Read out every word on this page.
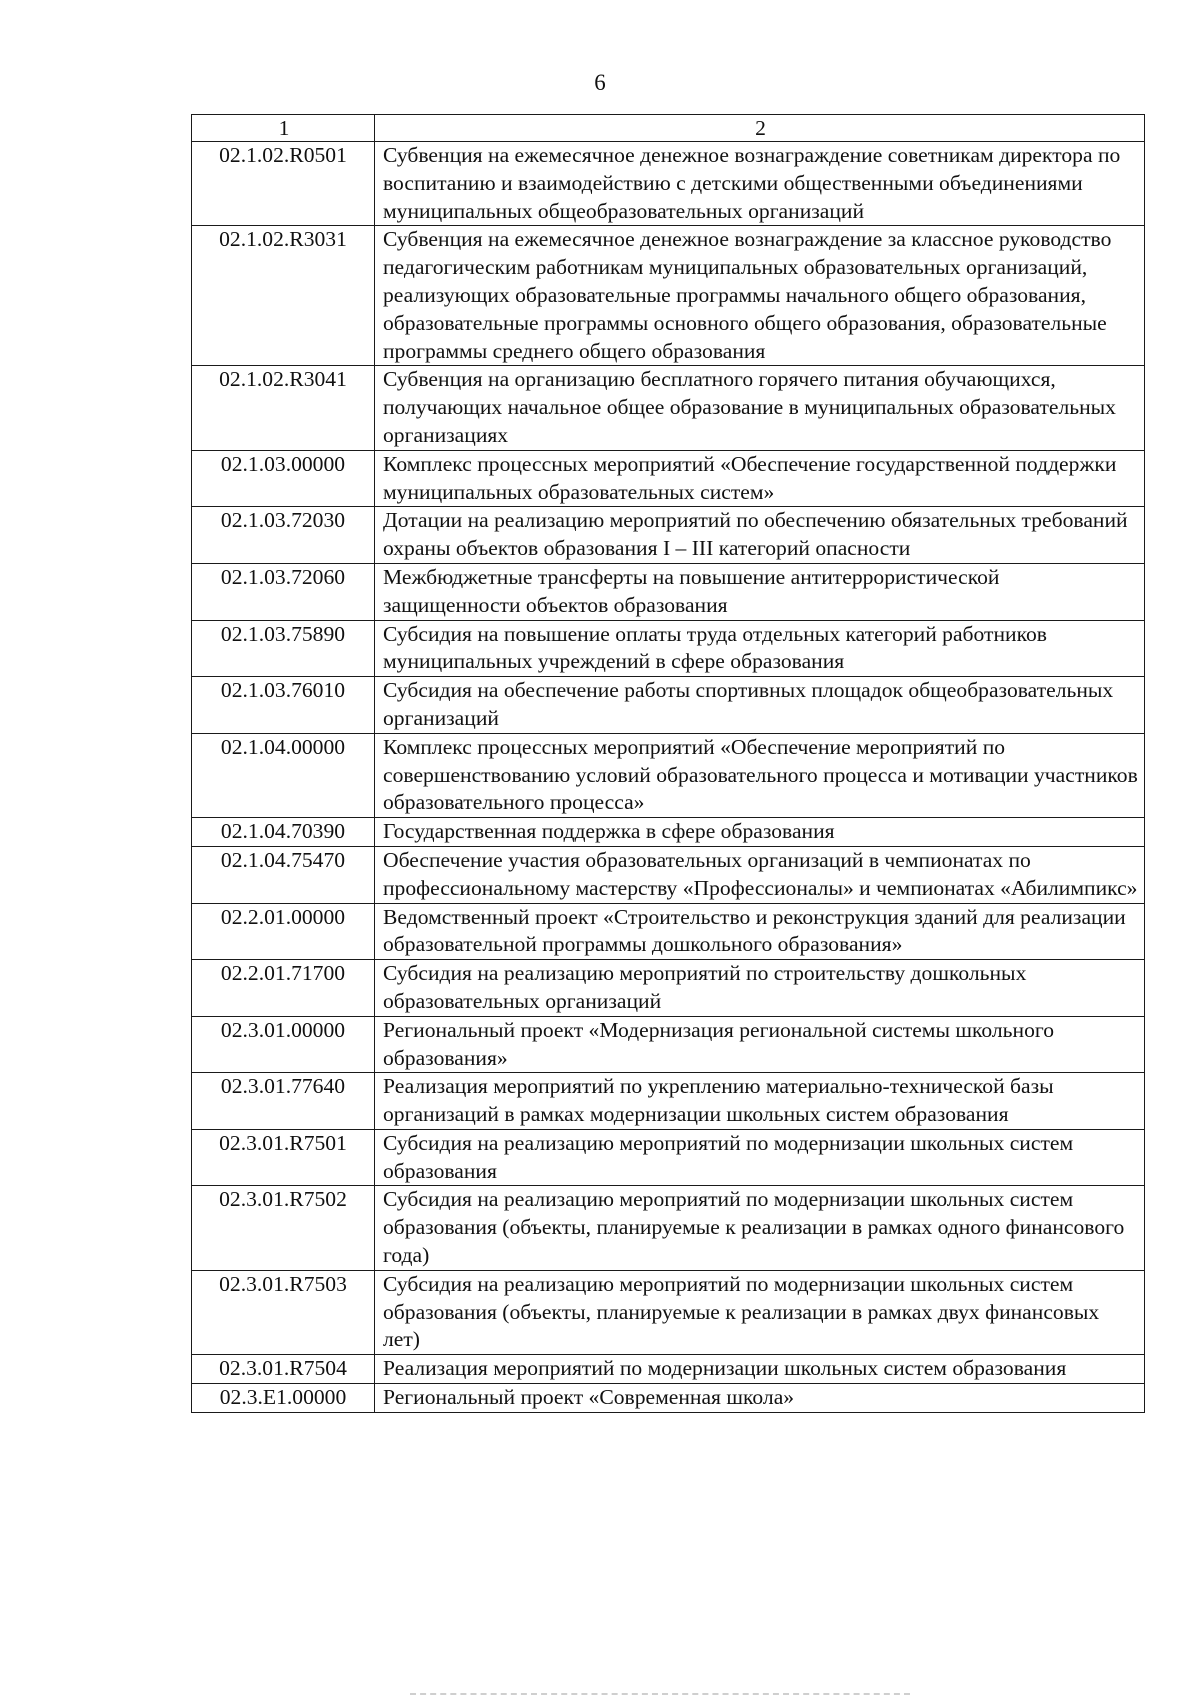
6
1	2
02.1.02.R0501	Субвенция на ежемесячное денежное вознаграждение советникам директора по воспитанию и взаимодействию с детскими общественными объединениями муниципальных общеобразовательных организаций
02.1.02.R3031	Субвенция на ежемесячное денежное вознаграждение за классное руководство педагогическим работникам муниципальных образовательных организаций, реализующих образовательные программы начального общего образования, образовательные программы основного общего образования, образовательные программы среднего общего образования
02.1.02.R3041	Субвенция на организацию бесплатного горячего питания обучающихся, получающих начальное общее образование в муниципальных образовательных организациях
02.1.03.00000	Комплекс процессных мероприятий «Обеспечение государственной поддержки муниципальных образовательных систем»
02.1.03.72030	Дотации на реализацию мероприятий по обеспечению обязательных требований охраны объектов образования I – III категорий опасности
02.1.03.72060	Межбюджетные трансферты на повышение антитеррористической защищенности объектов образования
02.1.03.75890	Субсидия на повышение оплаты труда отдельных категорий работников муниципальных учреждений в сфере образования
02.1.03.76010	Субсидия на обеспечение работы спортивных площадок общеобразовательных организаций
02.1.04.00000	Комплекс процессных мероприятий «Обеспечение мероприятий по совершенствованию условий образовательного процесса и мотивации участников образовательного процесса»
02.1.04.70390	Государственная поддержка в сфере образования
02.1.04.75470	Обеспечение участия образовательных организаций в чемпионатах по профессиональному мастерству «Профессионалы» и чемпионатах «Абилимпикс»
02.2.01.00000	Ведомственный проект «Строительство и реконструкция зданий для реализации образовательной программы дошкольного образования»
02.2.01.71700	Субсидия на реализацию мероприятий по строительству дошкольных образовательных организаций
02.3.01.00000	Региональный проект «Модернизация региональной системы школьного образования»
02.3.01.77640	Реализация мероприятий по укреплению материально-технической базы организаций в рамках модернизации школьных систем образования
02.3.01.R7501	Субсидия на реализацию мероприятий по модернизации школьных систем образования
02.3.01.R7502	Субсидия на реализацию мероприятий по модернизации школьных систем образования (объекты, планируемые к реализации в рамках одного финансового года)
02.3.01.R7503	Субсидия на реализацию мероприятий по модернизации школьных систем образования (объекты, планируемые к реализации в рамках двух финансовых лет)
02.3.01.R7504	Реализация мероприятий по модернизации школьных систем образования
02.3.E1.00000	Региональный проект «Современная школа»
